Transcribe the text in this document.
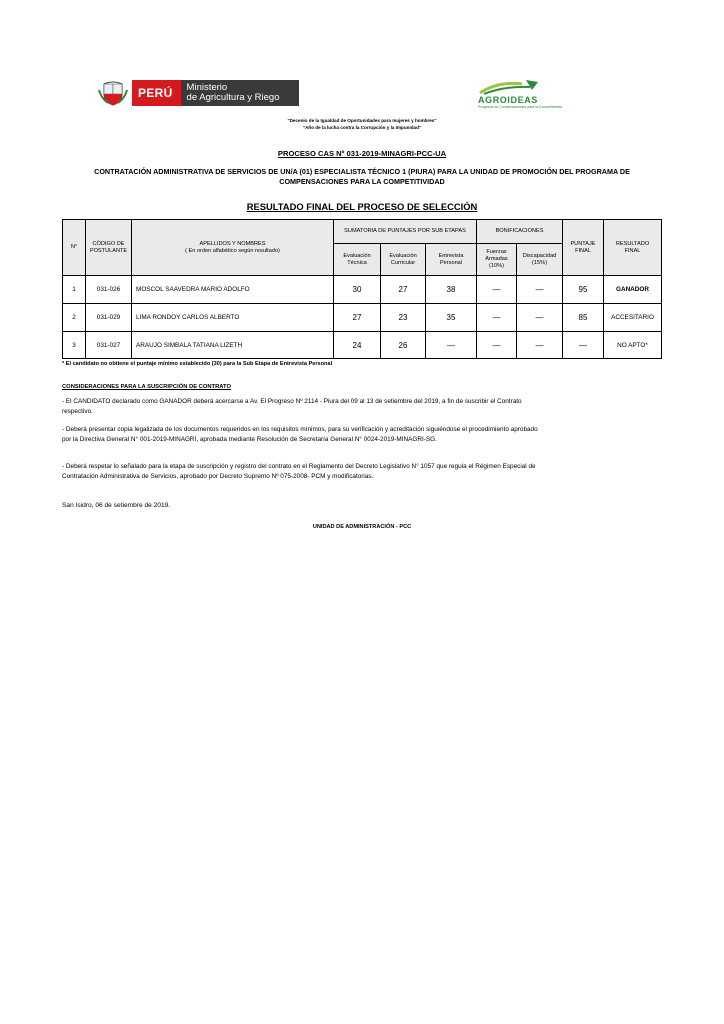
PERÚ	Ministerio
de Agricultura y Riego	AGROIDEAS
Programa de Compensaciones para la Competitividad
"Decenio de la Igualdad de Oportunidades para mujeres y hombres"
"Año de la lucha contra la Corrupción y la Impunidad"
PROCESO CAS Nº 031-2019-MINAGRI-PCC-UA
CONTRATACIÓN ADMINISTRATIVA DE SERVICIOS DE UN/A (01) ESPECIALISTA TÉCNICO 1 (PIURA) PARA LA UNIDAD DE PROMOCIÓN DEL PROGRAMA DE
COMPENSACIONES PARA LA COMPETITIVIDAD
RESULTADO FINAL DEL PROCESO DE SELECCIÓN
N°
CÓDIGO DE
POSTULANTE
APELLIDOS Y NOMBRES
( En orden alfabético según resultado)
SUMATORIA DE PUNTAJES POR SUB ETAPAS	BONIFICACIONES
PUNTAJE
FINAL
RESULTADO
FINAL
Evaluación
Técnica
Evaluación
Curricular
Entrevista
Personal
Fuerzas
Armadas
(10%)
Discapacidad
(15%)
1	031-026	MOSCOL SAAVEDRA MARIO ADOLFO	30	27	38	—	—	95	GANADOR
2	031-029	LIMA RONDOY CARLOS ALBERTO	27	23	35	—	—	85	ACCESITARIO
3	031-027	ARAUJO SIMBALA TATIANA LIZETH	24	26	—	—	—	—	NO APTO*
* El candidato no obtiene el puntaje mínimo establecido (30) para la Sub Etapa de Entrevista Personal
CONSIDERACIONES PARA LA SUSCRIPCIÓN DE CONTRATO
- El CANDIDATO declarado como GANADOR deberá acercarse a Av. El Progreso Nº 2114 - Piura del 09 al 13 de setiembre del 2019, a fin de suscribir el Contrato
respectivo.
- Deberá presentar copia legalizada de los documentos requeridos en los requisitos mínimos, para su verificación y acreditación siguiéndose el procedimiento aprobado
por la Directiva General N° 001-2019-MINAGRI, aprobada mediante Resolución de Secretaría General N° 0024-2019-MINAGRI-SG.
- Deberá respetar lo señalado para la etapa de suscripción y registro del contrato en el Reglamento del Decreto Legislativo N° 1057 que regula el Régimen Especial de
Contratación Administrativa de Servicios, aprobado por Decreto Supremo Nº 075-2008- PCM y modificatorias.
San Isidro, 06 de setiembre de 2019.
UNIDAD DE ADMINISTRACIÓN - PCC
